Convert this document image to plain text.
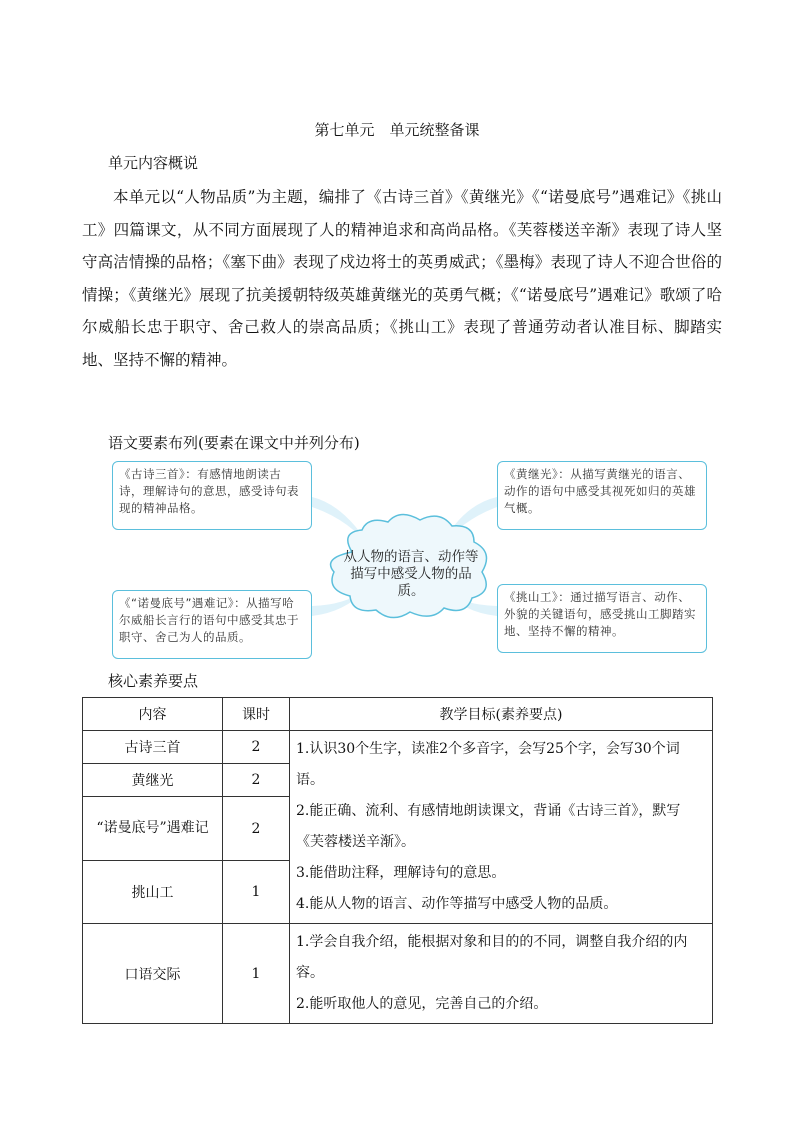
第七单元　单元统整备课
单元内容概说

本单元以“人物品质”为主题，编排了《古诗三首》《黄继光》《“诺曼底号”遇难记》《挑山工》四篇课文，从不同方面展现了人的精神追求和高尚品格。《芙蓉楼送辛渐》表现了诗人坚守高洁情操的品格；《塞下曲》表现了戍边将士的英勇威武；《墨梅》表现了诗人不迎合世俗的情操；《黄继光》展现了抗美援朝特级英雄黄继光的英勇气概；《“诺曼底号”遇难记》歌颂了哈尔威船长忠于职守、舍己救人的崇高品质；《挑山工》表现了普通劳动者认准目标、脚踏实地、坚持不懈的精神。

语文要素布列(要素在课文中并列分布)
《古诗三首》：有感情地朗读古诗，理解诗句的意思，感受诗句表现的精神品格。
《黄继光》：从描写黄继光的语言、动作的语句中感受其视死如归的英雄气概。
《“诺曼底号”遇难记》：从描写哈尔威船长言行的语句中感受其忠于职守、舍己为人的品质。
《挑山工》：通过描写语言、动作、外貌的关键语句，感受挑山工脚踏实地、坚持不懈的精神。
从人物的语言、动作等描写中感受人物的品质。
核心素养要点
内容	课时	教学目标(素养要点)
古诗三首	2	1.认识30个生字，读准2个多音字，会写25个字，会写30个词语。
2.能正确、流利、有感情地朗读课文，背诵《古诗三首》，默写《芙蓉楼送辛渐》。
3.能借助注释，理解诗句的意思。
4.能从人物的语言、动作等描写中感受人物的品质。

黄继光	2	
“诺曼底号”遇难记	2	
挑山工	1	
口语交际	1	1.学会自我介绍，能根据对象和目的的不同，调整自我介绍的内容。
2.能听取他人的意见，完善自己的介绍。
